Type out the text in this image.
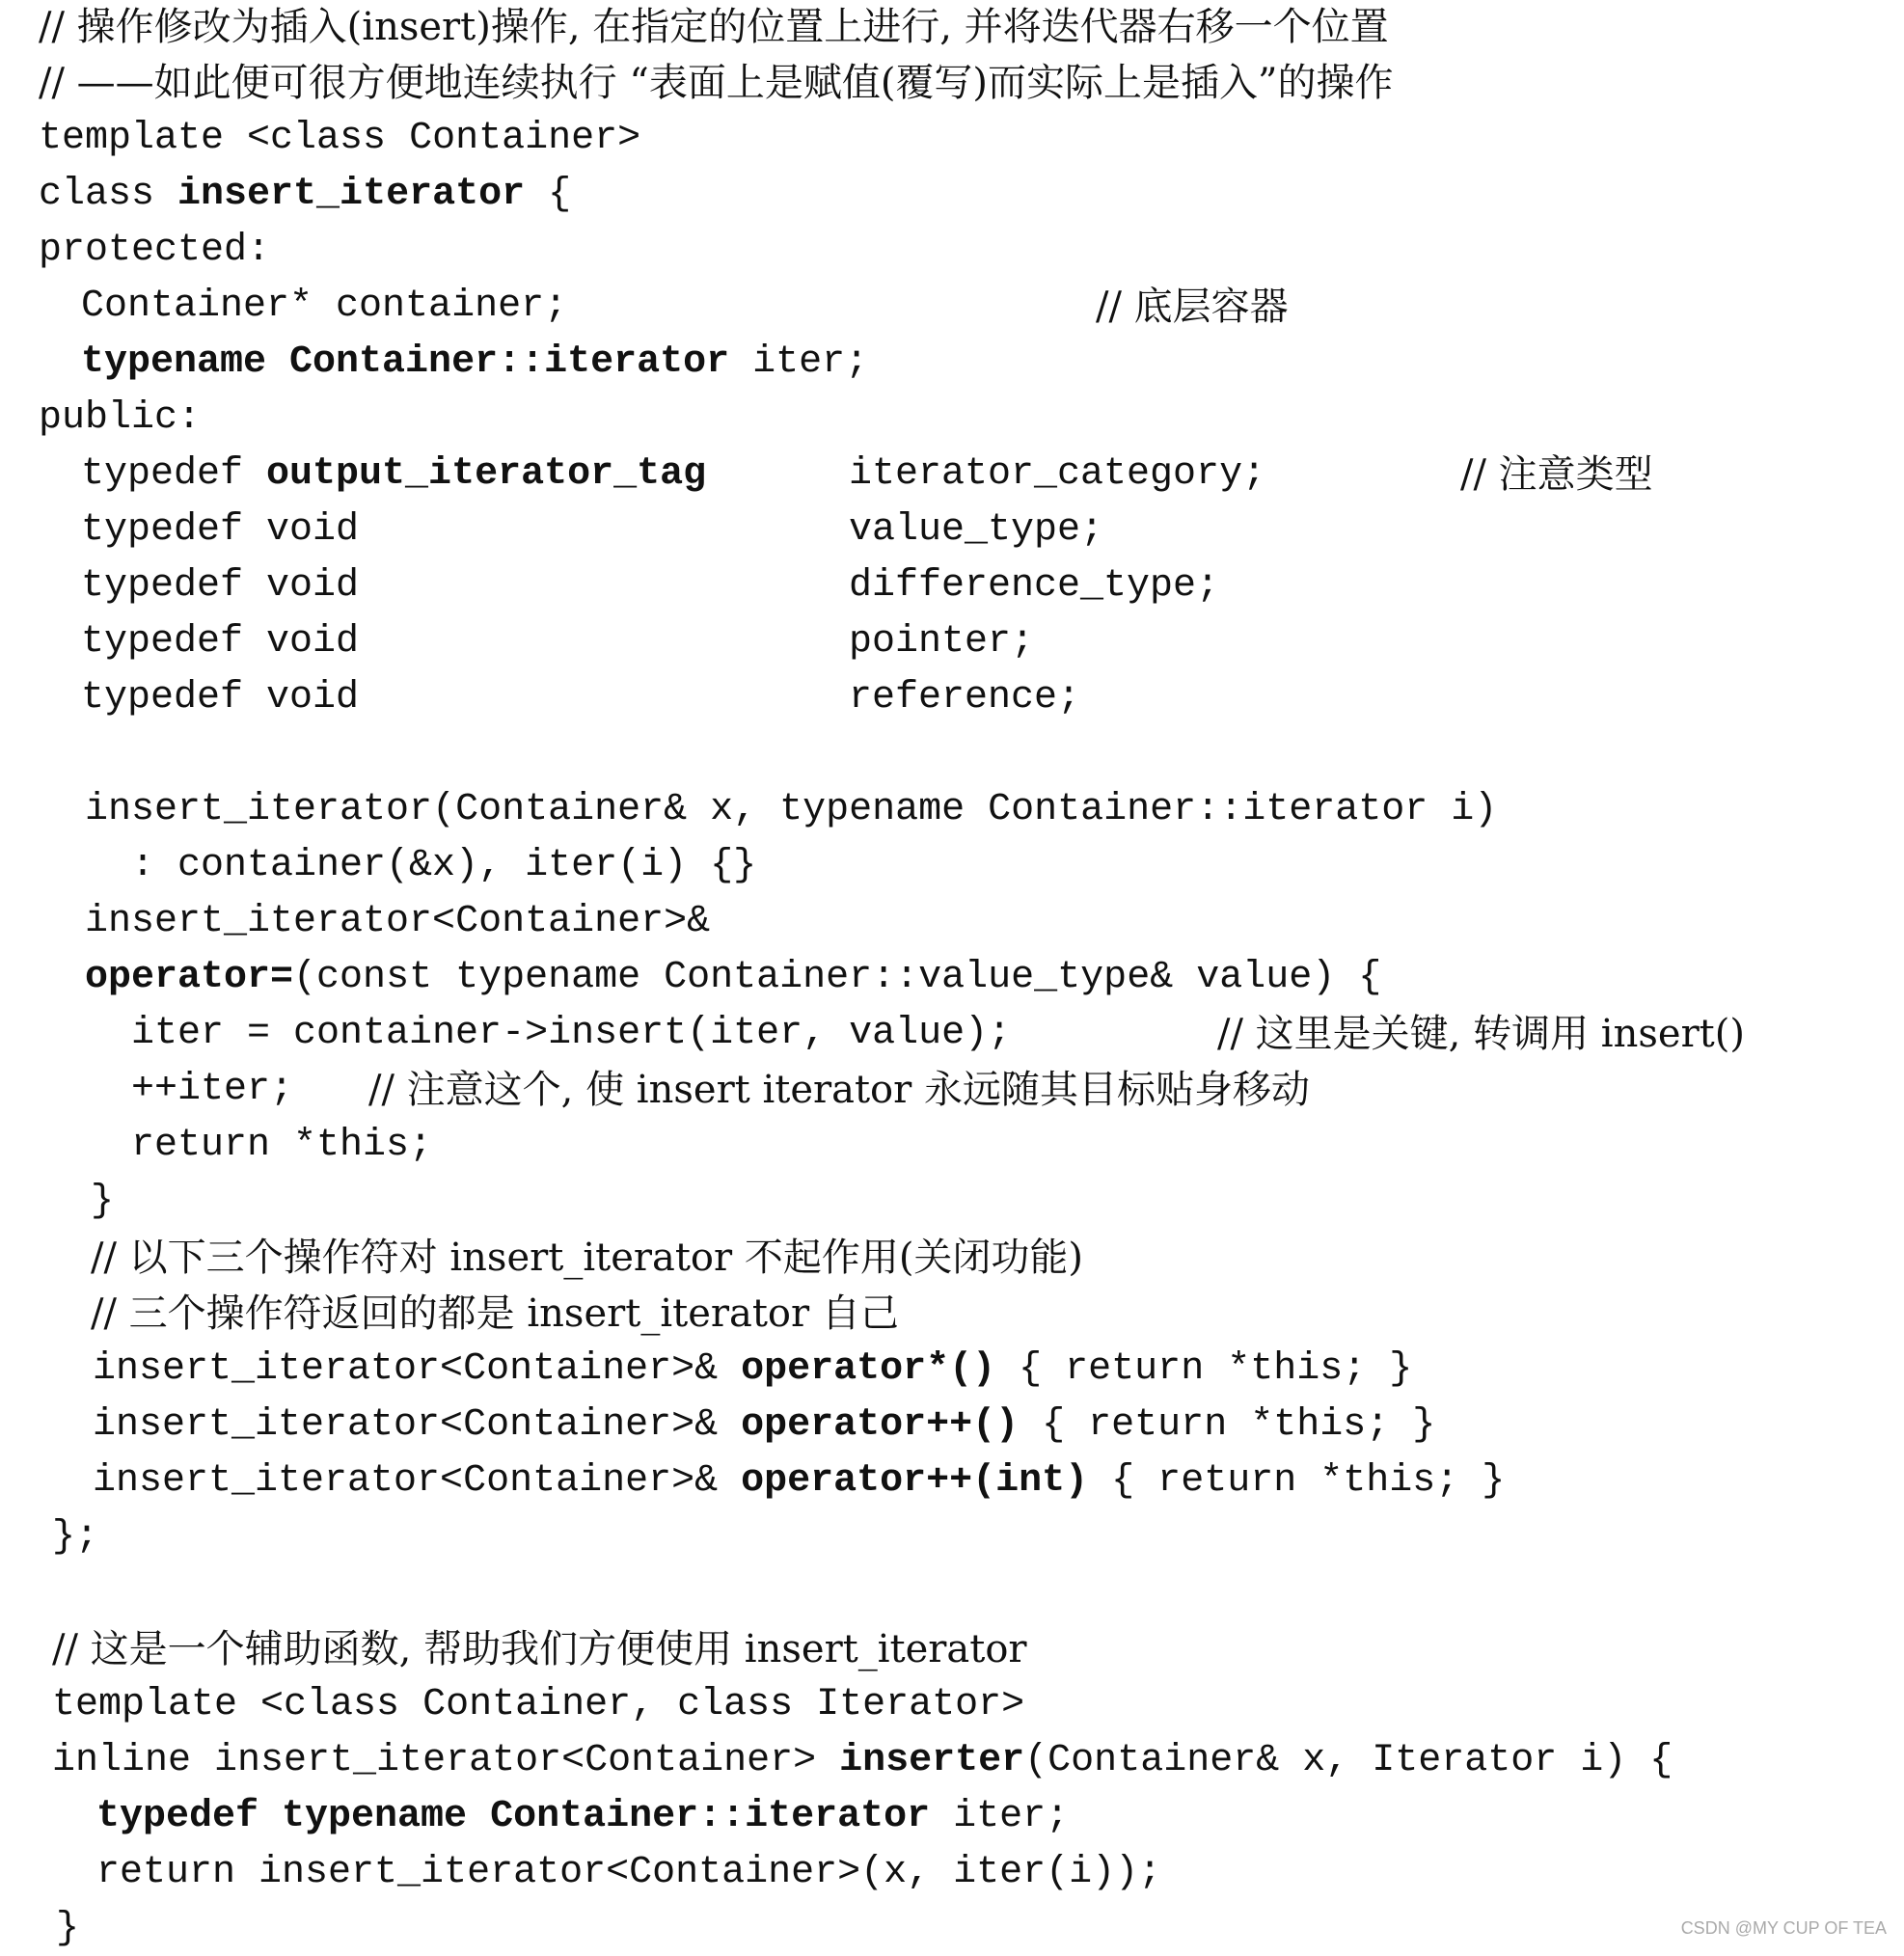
// 操作修改为插入(insert)操作, 在指定的位置上进行, 并将迭代器右移一个位置
// ——如此便可很方便地连续执行 “表面上是赋值(覆写)而实际上是插入”的操作
template <class Container>
class insert_iterator {
protected:
Container* container;	// 底层容器
typename Container::iterator iter;
public:
typedef output_iterator_tag	iterator_category;	// 注意类型
typedef void	value_type;
typedef void	difference_type;
typedef void	pointer;
typedef void	reference;
insert_iterator(Container& x, typename Container::iterator i)
: container(&x), iter(i) {}
insert_iterator<Container>&
operator=(const typename Container::value_type& value) {
iter = container->insert(iter, value);	// 这里是关键, 转调用 insert()
++iter; // 注意这个, 使 insert iterator 永远随其目标贴身移动
return *this;
}
// 以下三个操作符对 insert_iterator 不起作用(关闭功能)
// 三个操作符返回的都是 insert_iterator 自己
insert_iterator<Container>& operator*() { return *this; }
insert_iterator<Container>& operator++() { return *this; }
insert_iterator<Container>& operator++(int) { return *this; }
};
// 这是一个辅助函数, 帮助我们方便使用 insert_iterator
template <class Container, class Iterator>
inline insert_iterator<Container> inserter(Container& x, Iterator i) {
typedef typename Container::iterator iter;
return insert_iterator<Container>(x, iter(i));
}	CSDN @MY CUP OF TEA
